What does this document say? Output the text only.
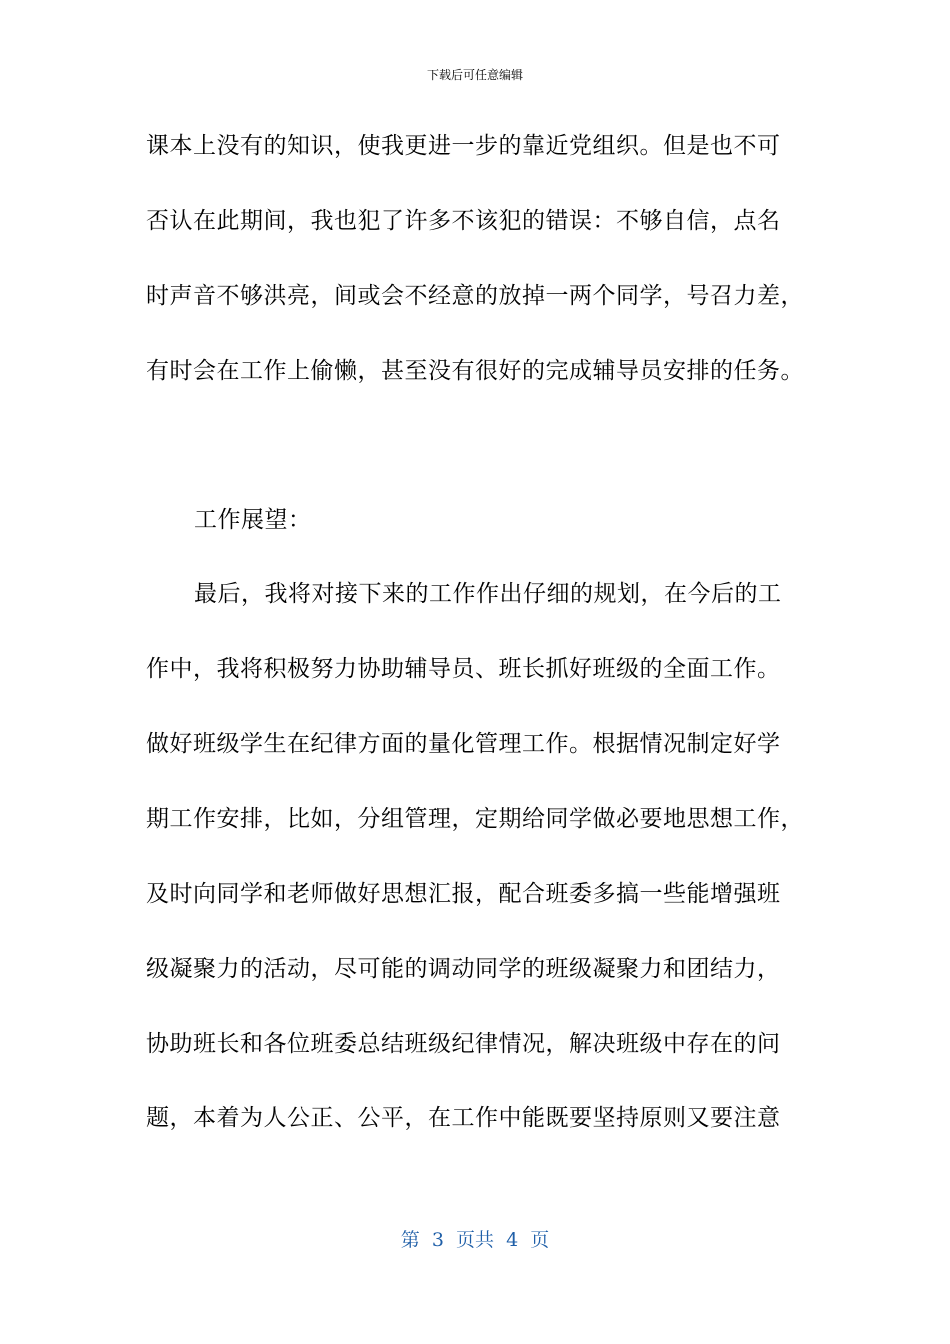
下载后可任意编辑
课本上没有的知识，使我更进一步的靠近党组织。但是也不可
否认在此期间，我也犯了许多不该犯的错误：不够自信，点名
时声音不够洪亮，间或会不经意的放掉一两个同学，号召力差，
有时会在工作上偷懒，甚至没有很好的完成辅导员安排的任务。
工作展望：
最后，我将对接下来的工作作出仔细的规划，在今后的工
作中，我将积极努力协助辅导员、班长抓好班级的全面工作。
做好班级学生在纪律方面的量化管理工作。根据情况制定好学
期工作安排，比如，分组管理，定期给同学做必要地思想工作，
及时向同学和老师做好思想汇报，配合班委多搞一些能增强班
级凝聚力的活动，尽可能的调动同学的班级凝聚力和团结力，
协助班长和各位班委总结班级纪律情况，解决班级中存在的问
题，本着为人公正、公平，在工作中能既要坚持原则又要注意
第  3  页共  4  页
